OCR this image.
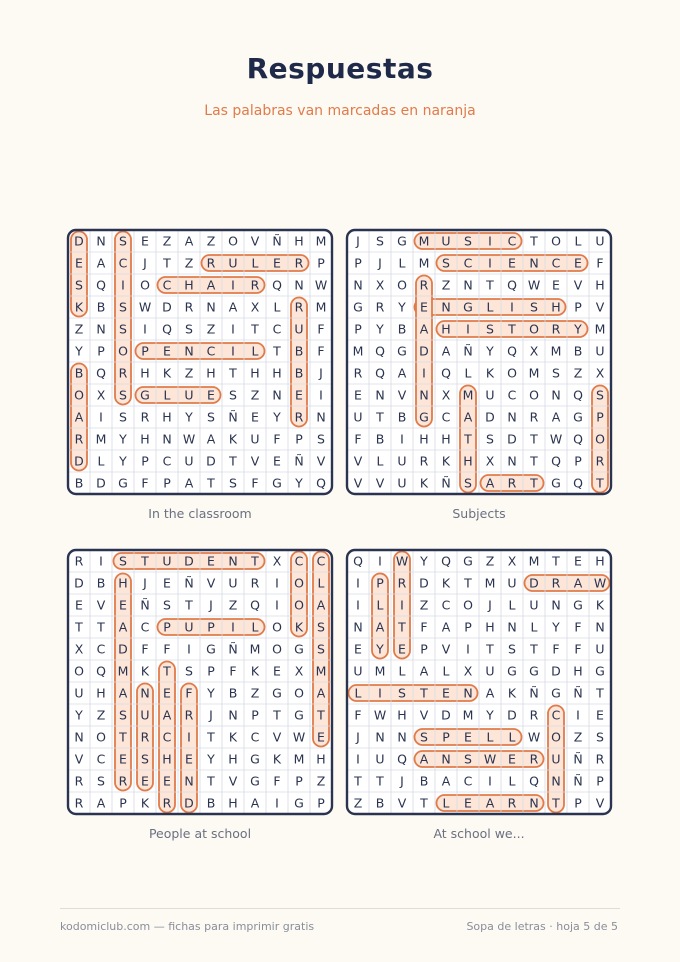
Respuestas
Las palabras van marcadas en naranja
D N S E Z A Z O V Ñ H M
E A C J T Z R U L E R P
S Q I O C H A I R Q N W
K B S W D R N A X L R M
Z N S I Q S Z I T C U F
Y P O P E N C I L T B F
B Q R H K Z H T H H B J
O X S G L U E S Z N E I
A I S R H Y S Ñ E Y R N
R M Y H N W A K U F P S
D L Y P C U D T V E Ñ V
B D G F P A T S F G Y Q
In the classroom
J S G M U S I C T O L U
P J L M S C I E N C E F
N X O R Z N T Q W E V H
G R Y E N G L I S H P V
P Y B A H I S T O R Y M
M Q G D A Ñ Y Q X M B U
R Q A I Q L K O M S Z X
E N V N X M U C O N Q S
U T B G C A D N R A G P
F B I H H T S D T W Q O
V L U R K H X N T Q P R
V V U K Ñ S A R T G Q T
Subjects
R I S T U D E N T X C C
D B H J E Ñ V U R I O L
E V E Ñ S T J Z Q I O A
T T A C P U P I L O K S
X C D F F I G Ñ M O G S
O Q M K T S P F K E X M
U H A N E F Y B Z G O A
Y Z S U A R J N P T G T
N O T R C I T K C V W E
V C E S H E Y H G K M H
R S R E E N T V G F P Z
R A P K R D B H A I G P
People at school
Q I W Y Q G Z X M T E H
I P R D K T M U D R A W
I L I Z C O J L U N G K
N A T F A P H N L Y F N
E Y E P V I T S T F F U
U M L A L X U G G D H G
L I S T E N A K Ñ G Ñ T
F W H V D M Y D R C I E
J N N S P E L L W O Z S
I U Q A N S W E R U Ñ R
T T J B A C I L Q N Ñ P
Z B V T L E A R N T P V
At school we...
kodomiclub.com — fichas para imprimir gratis	Sopa de letras · hoja 5 de 5
